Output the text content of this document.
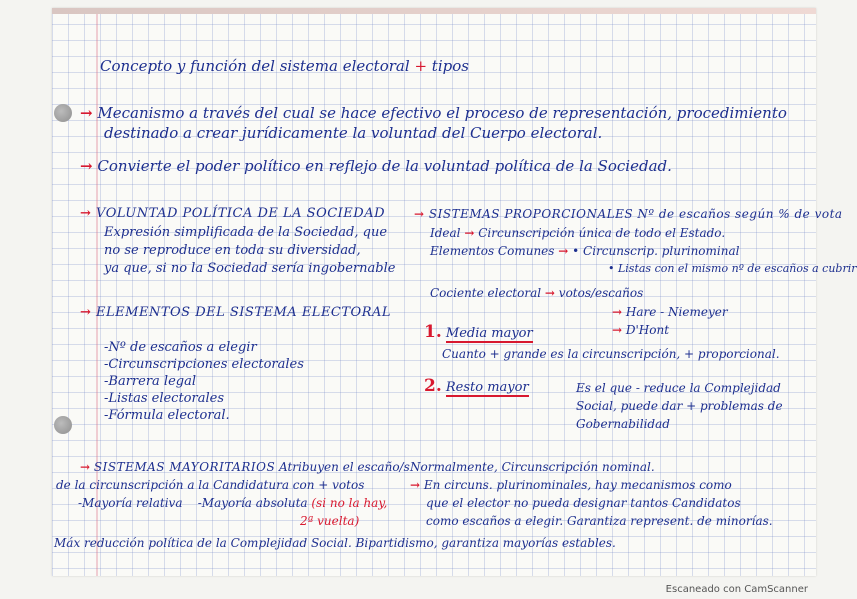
Concepto y función del sistema electoral + tipos
→ Mecanismo a través del cual se hace efectivo el proceso de representación, procedimiento
destinado a crear jurídicamente la voluntad del Cuerpo electoral.
→ Convierte el poder político en reflejo de la voluntad política de la Sociedad.
→ VOLUNTAD POLÍTICA DE LA SOCIEDAD
Expresión simplificada de la Sociedad, que
no se reproduce en toda su diversidad,
ya que, si no la Sociedad sería ingobernable
→ ELEMENTOS DEL SISTEMA ELECTORAL
-Nº de escaños a elegir
-Circunscripciones electorales
-Barrera legal
-Listas electorales
-Fórmula electoral.
→ SISTEMAS PROPORCIONALES Nº de escaños según % de vota
Ideal → Circunscripción única de todo el Estado.
Elementos Comunes → • Circunscrip. plurinominal
• Listas con el mismo nº de escaños a cubrir
Cociente electoral → votos/escaños
→ Hare - Niemeyer
1. Media mayor	→ D'Hont
Cuanto + grande es la circunscripción, + proporcional.
2. Resto mayor	Es el que - reduce la Complejidad
Social, puede dar + problemas de
Gobernabilidad
→ SISTEMAS MAYORITARIOS Atribuyen el escaño/s
de la circunscripción a la Candidatura con + votos
-Mayoría relativa -Mayoría absoluta (si no la hay,
2ª vuelta)
Normalmente, Circunscripción nominal.
→ En circuns. plurinominales, hay mecanismos como
que el elector no pueda designar tantos Candidatos
como escaños a elegir. Garantiza represent. de minorías.
Máx reducción política de la Complejidad Social. Bipartidismo, garantiza mayorías estables.
Escaneado con CamScanner
